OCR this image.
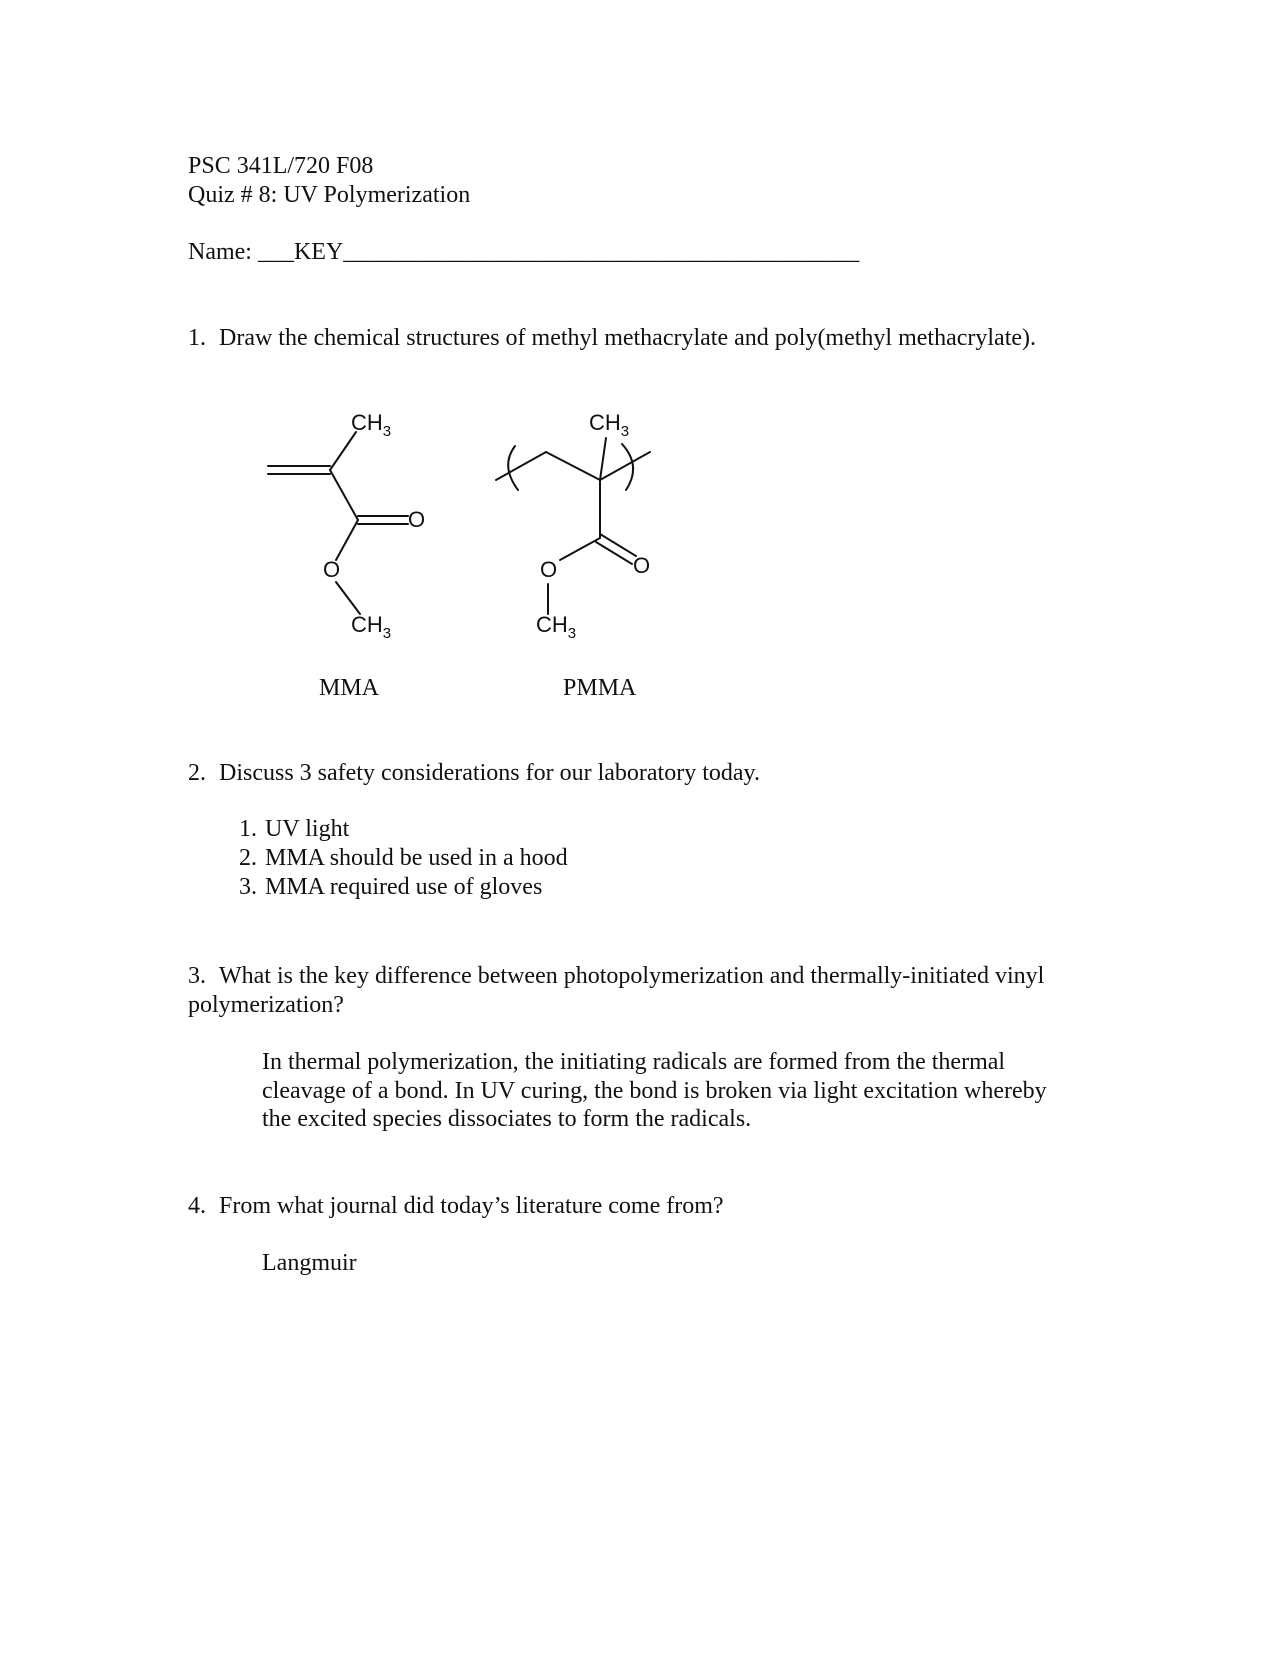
PSC 341L/720 F08
Quiz # 8: UV Polymerization
Name: ___KEY___________________________________________
1. Draw the chemical structures of methyl methacrylate and poly(methyl methacrylate).
$CH_3$
O
O
$CH_3$
MMA
$CH_3$
O
O
$CH_3$
PMMA
2. Discuss 3 safety considerations for our laboratory today.
1. UV light
2. MMA should be used in a hood
3. MMA required use of gloves
3. What is the key difference between photopolymerization and thermally-initiated vinyl
polymerization?
In thermal polymerization, the initiating radicals are formed from the thermal
cleavage of a bond. In UV curing, the bond is broken via light excitation whereby
the excited species dissociates to form the radicals.
4. From what journal did today’s literature come from?
Langmuir
